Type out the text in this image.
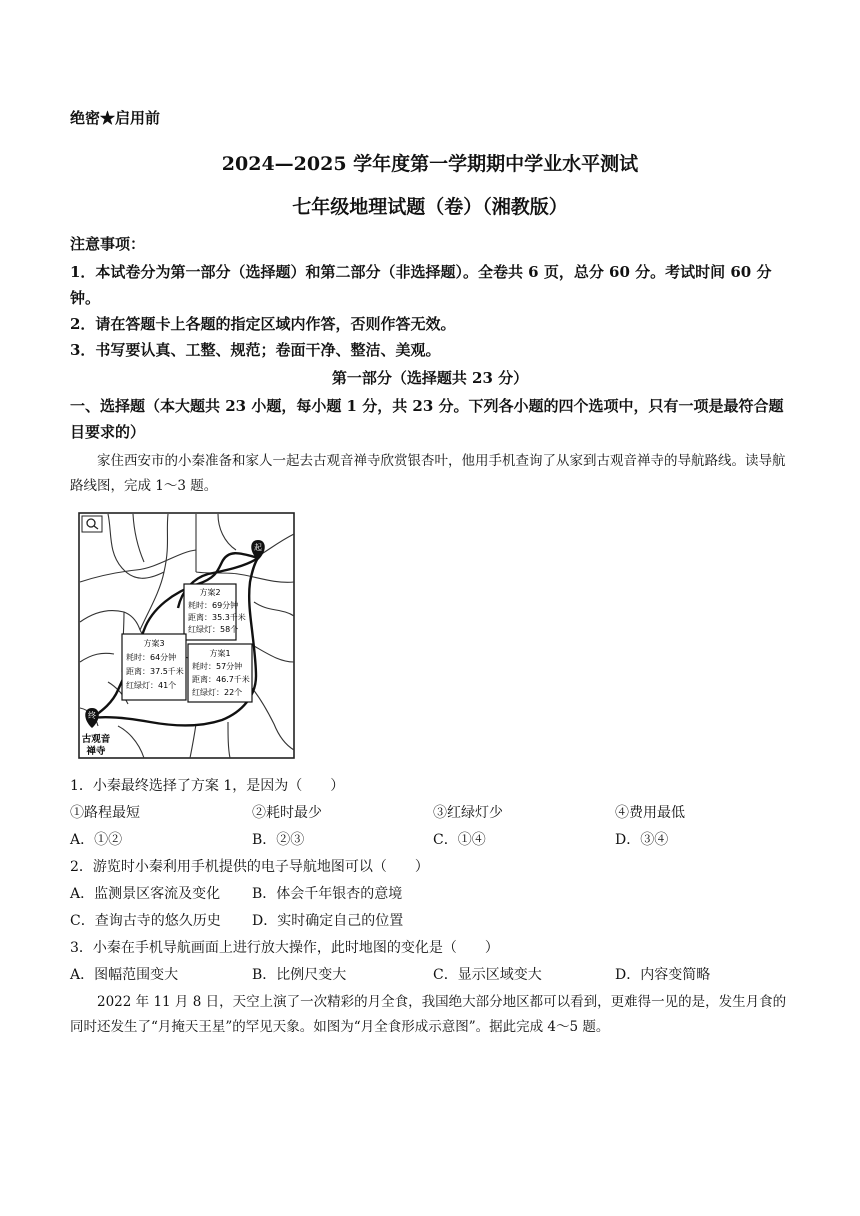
绝密★启用前
2024—2025 学年度第一学期期中学业水平测试
七年级地理试题（卷）（湘教版）
注意事项：
1．本试卷分为第一部分（选择题）和第二部分（非选择题）。全卷共 6 页，总分 60 分。考试时间 60 分钟。
2．请在答题卡上各题的指定区域内作答，否则作答无效。
3．书写要认真、工整、规范；卷面干净、整洁、美观。
第一部分（选择题共 23 分）
一、选择题（本大题共 23 小题，每小题 1 分，共 23 分。下列各小题的四个选项中，只有一项是最符合题目要求的）
家住西安市的小秦准备和家人一起去古观音禅寺欣赏银杏叶，他用手机查询了从家到古观音禅寺的导航路线。读导航路线图，完成 1～3 题。
起
终
古观音
禅寺
方案2
耗时：69分钟
距离：35.3千米
红绿灯：58个
方案3
耗时：64分钟
距离：37.5千米
红绿灯：41个
方案1
耗时：57分钟
距离：46.7千米
红绿灯：22个
1．小秦最终选择了方案 1，是因为（　　）
①路程最短	②耗时最少	③红绿灯少	④费用最低
A．①②	B．②③	C．①④	D．③④
2．游览时小秦利用手机提供的电子导航地图可以（　　）
A．监测景区客流及变化 B．体会千年银杏的意境
C．查询古寺的悠久历史 D．实时确定自己的位置
3．小秦在手机导航画面上进行放大操作，此时地图的变化是（　　）
A．图幅范围变大	B．比例尺变大	C．显示区域变大	D．内容变简略
2022 年 11 月 8 日，天空上演了一次精彩的月全食，我国绝大部分地区都可以看到，更难得一见的是，发生月食的同时还发生了“月掩天王星”的罕见天象。如图为“月全食形成示意图”。据此完成 4～5 题。
